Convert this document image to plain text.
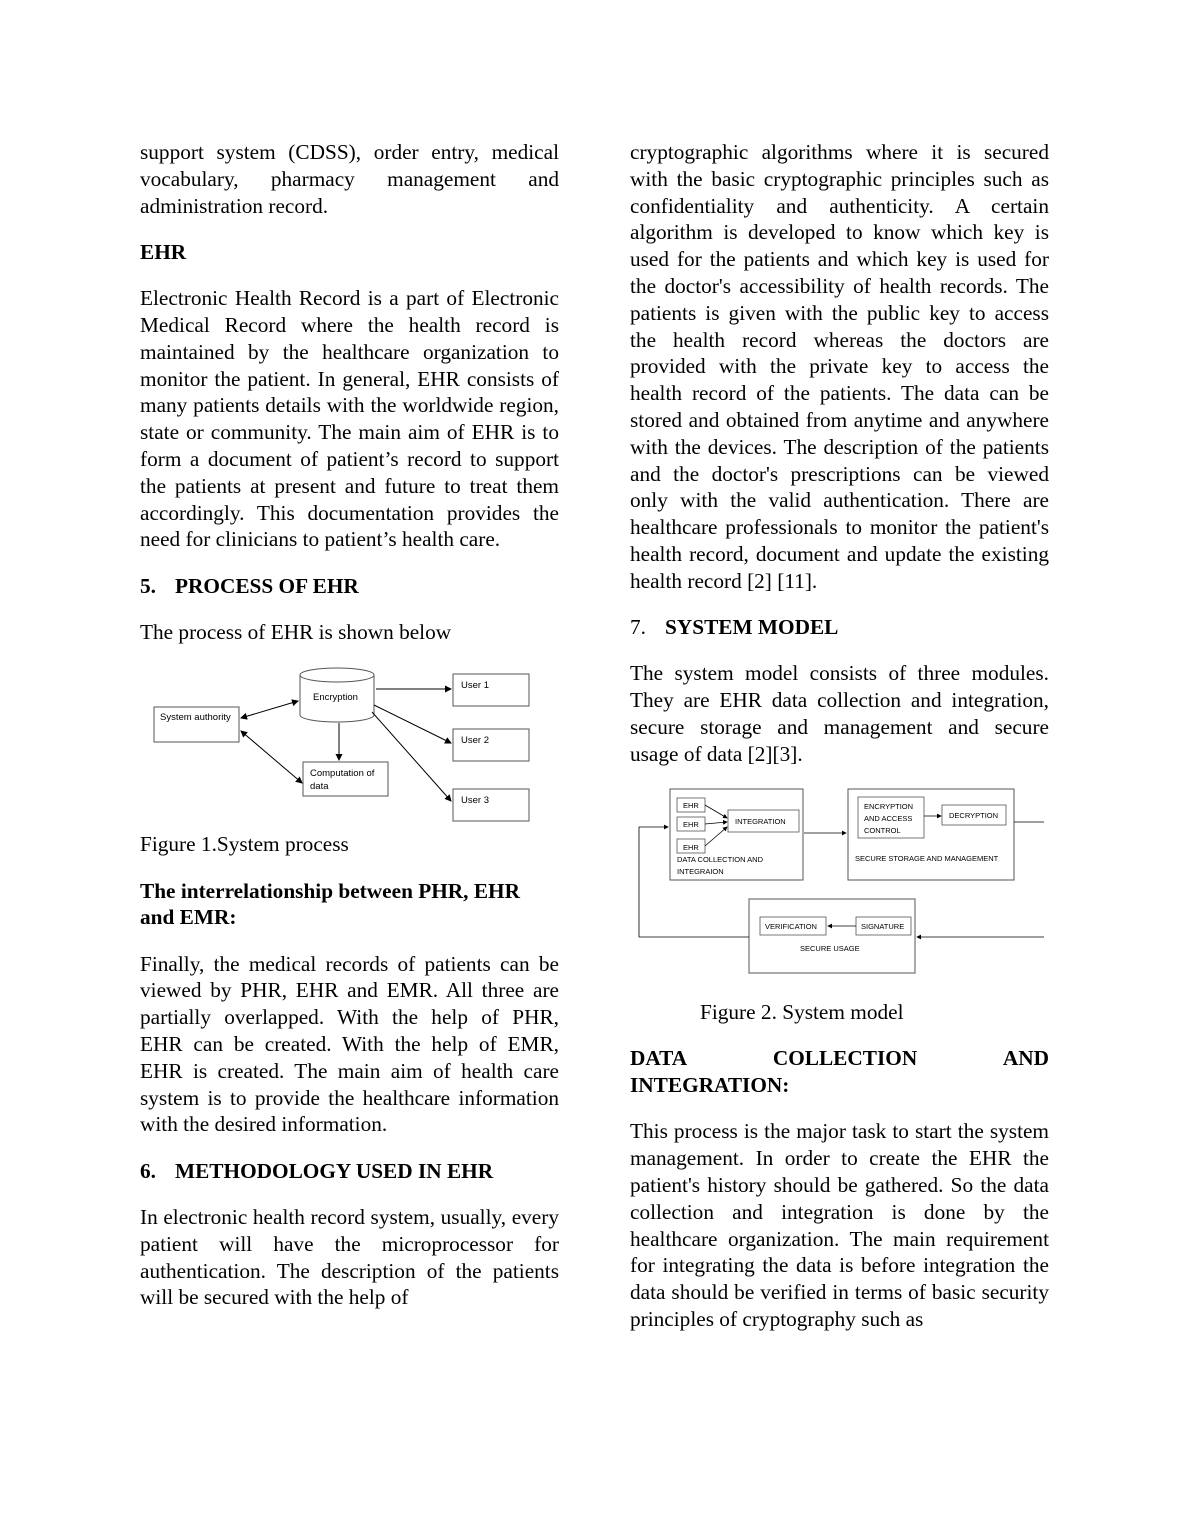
support system (CDSS), order entry, medical vocabulary, pharmacy management and administration record.

EHR

Electronic Health Record is a part of Electronic Medical Record where the health record is maintained by the healthcare organization to monitor the patient. In general, EHR consists of many patients details with the worldwide region, state or community. The main aim of EHR is to form a document of patient’s record to support the patients at present and future to treat them accordingly. This documentation provides the need for clinicians to patient’s health care.

5. PROCESS OF EHR

The process of EHR is shown below

System authority
Encryption
User 1
User 2
User 3
Computation of
data

Figure 1.System process

The interrelationship between PHR, EHR and EMR:

Finally, the medical records of patients can be viewed by PHR, EHR and EMR. All three are partially overlapped. With the help of PHR, EHR can be created. With the help of EMR, EHR is created. The main aim of health care system is to provide the healthcare information with the desired information.

6. METHODOLOGY USED IN EHR

In electronic health record system, usually, every patient will have the microprocessor for authentication. The description of the patients will be secured with the help of

cryptographic algorithms where it is secured with the basic cryptographic principles such as confidentiality and authenticity. A certain algorithm is developed to know which key is used for the patients and which key is used for the doctor's accessibility of health records. The patients is given with the public key to access the health record whereas the doctors are provided with the private key to access the health record of the patients. The data can be stored and obtained from anytime and anywhere with the devices. The description of the patients and the doctor's prescriptions can be viewed only with the valid authentication. There are healthcare professionals to monitor the patient's health record, document and update the existing health record [2] [11].

7. SYSTEM MODEL

The system model consists of three modules. They are EHR data collection and integration, secure storage and management and secure usage of data [2][3].

EHR
EHR
EHR
INTEGRATION
DATA COLLECTION AND
INTEGRAION
ENCRYPTION
AND ACCESS
CONTROL
DECRYPTION
SECURE STORAGE AND MANAGEMENT
VERIFICATION	SIGNATURE
SECURE USAGE

Figure 2. System model

DATA COLLECTION AND INTEGRATION:

This process is the major task to start the system management. In order to create the EHR the patient's history should be gathered. So the data collection and integration is done by the healthcare organization. The main requirement for integrating the data is before integration the data should be verified in terms of basic security principles of cryptography such as
